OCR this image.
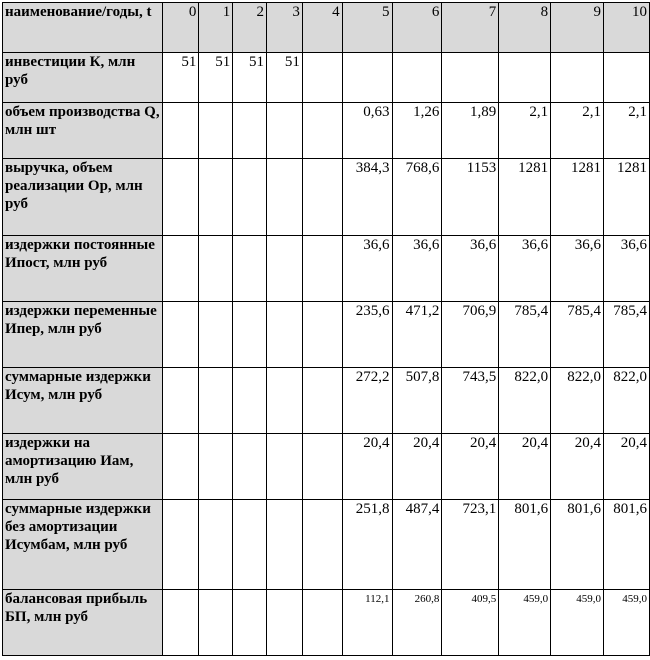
наименование/годы, t	0	1	2	3	4	5	6	7	8	9	10
инвестиции К, млн руб	51	51	51	51							
объем производства Q, млн шт						0,63	1,26	1,89	2,1	2,1	2,1
выручка, объем реализации Ор, млн руб						384,3	768,6	1153	1281	1281	1281
издержки постоянные Ипост, млн руб						36,6	36,6	36,6	36,6	36,6	36,6
издержки переменные Ипер, млн руб						235,6	471,2	706,9	785,4	785,4	785,4
суммарные издержки Исум, млн руб						272,2	507,8	743,5	822,0	822,0	822,0
издержки на амортизацию Иам, млн руб						20,4	20,4	20,4	20,4	20,4	20,4
суммарные издержки без амортизации Исумбам, млн руб						251,8	487,4	723,1	801,6	801,6	801,6
балансовая прибыль БП, млн руб						112,1	260,8	409,5	459,0	459,0	459,0
